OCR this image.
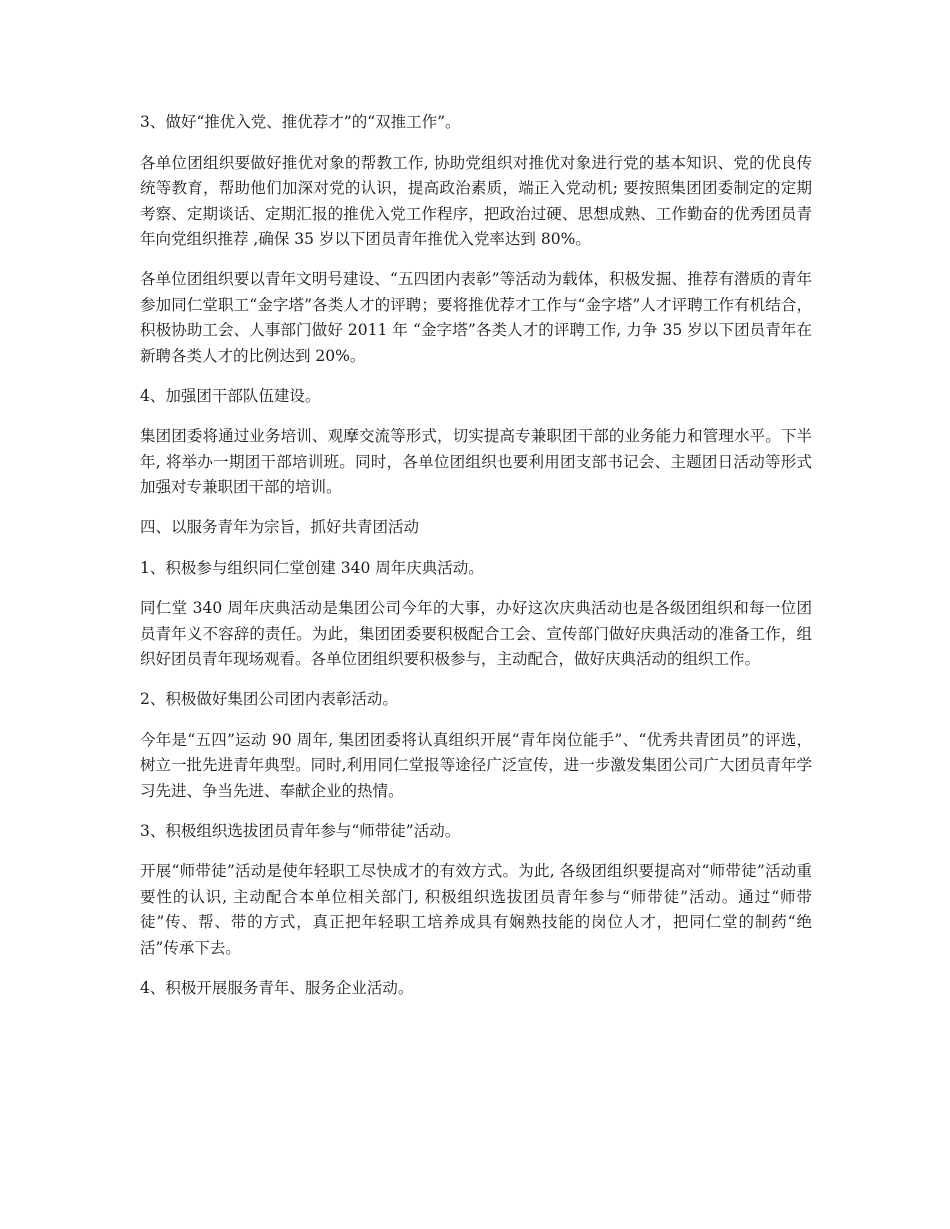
3、做好“推优入党、推优荐才”的“双推工作”。

各单位团组织要做好推优对象的帮教工作, 协助党组织对推优对象进行党的基本知识、党的优良传统等教育，帮助他们加深对党的认识，提高政治素质，端正入党动机; 要按照集团团委制定的定期考察、定期谈话、定期汇报的推优入党工作程序，把政治过硬、思想成熟、工作勤奋的优秀团员青年向党组织推荐 ,确保 35 岁以下团员青年推优入党率达到 80%。

各单位团组织要以青年文明号建设、“五四团内表彰”等活动为载体，积极发掘、推荐有潜质的青年参加同仁堂职工“金字塔”各类人才的评聘；要将推优荐才工作与“金字塔”人才评聘工作有机结合，积极协助工会、人事部门做好 2011 年 “金字塔”各类人才的评聘工作, 力争 35 岁以下团员青年在新聘各类人才的比例达到 20%。

4、加强团干部队伍建设。

集团团委将通过业务培训、观摩交流等形式，切实提高专兼职团干部的业务能力和管理水平。下半年, 将举办一期团干部培训班。同时，各单位团组织也要利用团支部书记会、主题团日活动等形式加强对专兼职团干部的培训。

四、以服务青年为宗旨，抓好共青团活动

1、积极参与组织同仁堂创建 340 周年庆典活动。

同仁堂 340 周年庆典活动是集团公司今年的大事，办好这次庆典活动也是各级团组织和每一位团员青年义不容辞的责任。为此，集团团委要积极配合工会、宣传部门做好庆典活动的准备工作，组织好团员青年现场观看。各单位团组织要积极参与，主动配合，做好庆典活动的组织工作。

2、积极做好集团公司团内表彰活动。

今年是“五四”运动 90 周年, 集团团委将认真组织开展“青年岗位能手”、“优秀共青团员”的评选，树立一批先进青年典型。同时,利用同仁堂报等途径广泛宣传，进一步激发集团公司广大团员青年学习先进、争当先进、奉献企业的热情。

3、积极组织选拔团员青年参与“师带徒”活动。

开展“师带徒”活动是使年轻职工尽快成才的有效方式。为此, 各级团组织要提高对“师带徒”活动重要性的认识, 主动配合本单位相关部门, 积极组织选拔团员青年参与“师带徒”活动。通过“师带徒”传、帮、带的方式，真正把年轻职工培养成具有娴熟技能的岗位人才，把同仁堂的制药“绝活”传承下去。

4、积极开展服务青年、服务企业活动。
